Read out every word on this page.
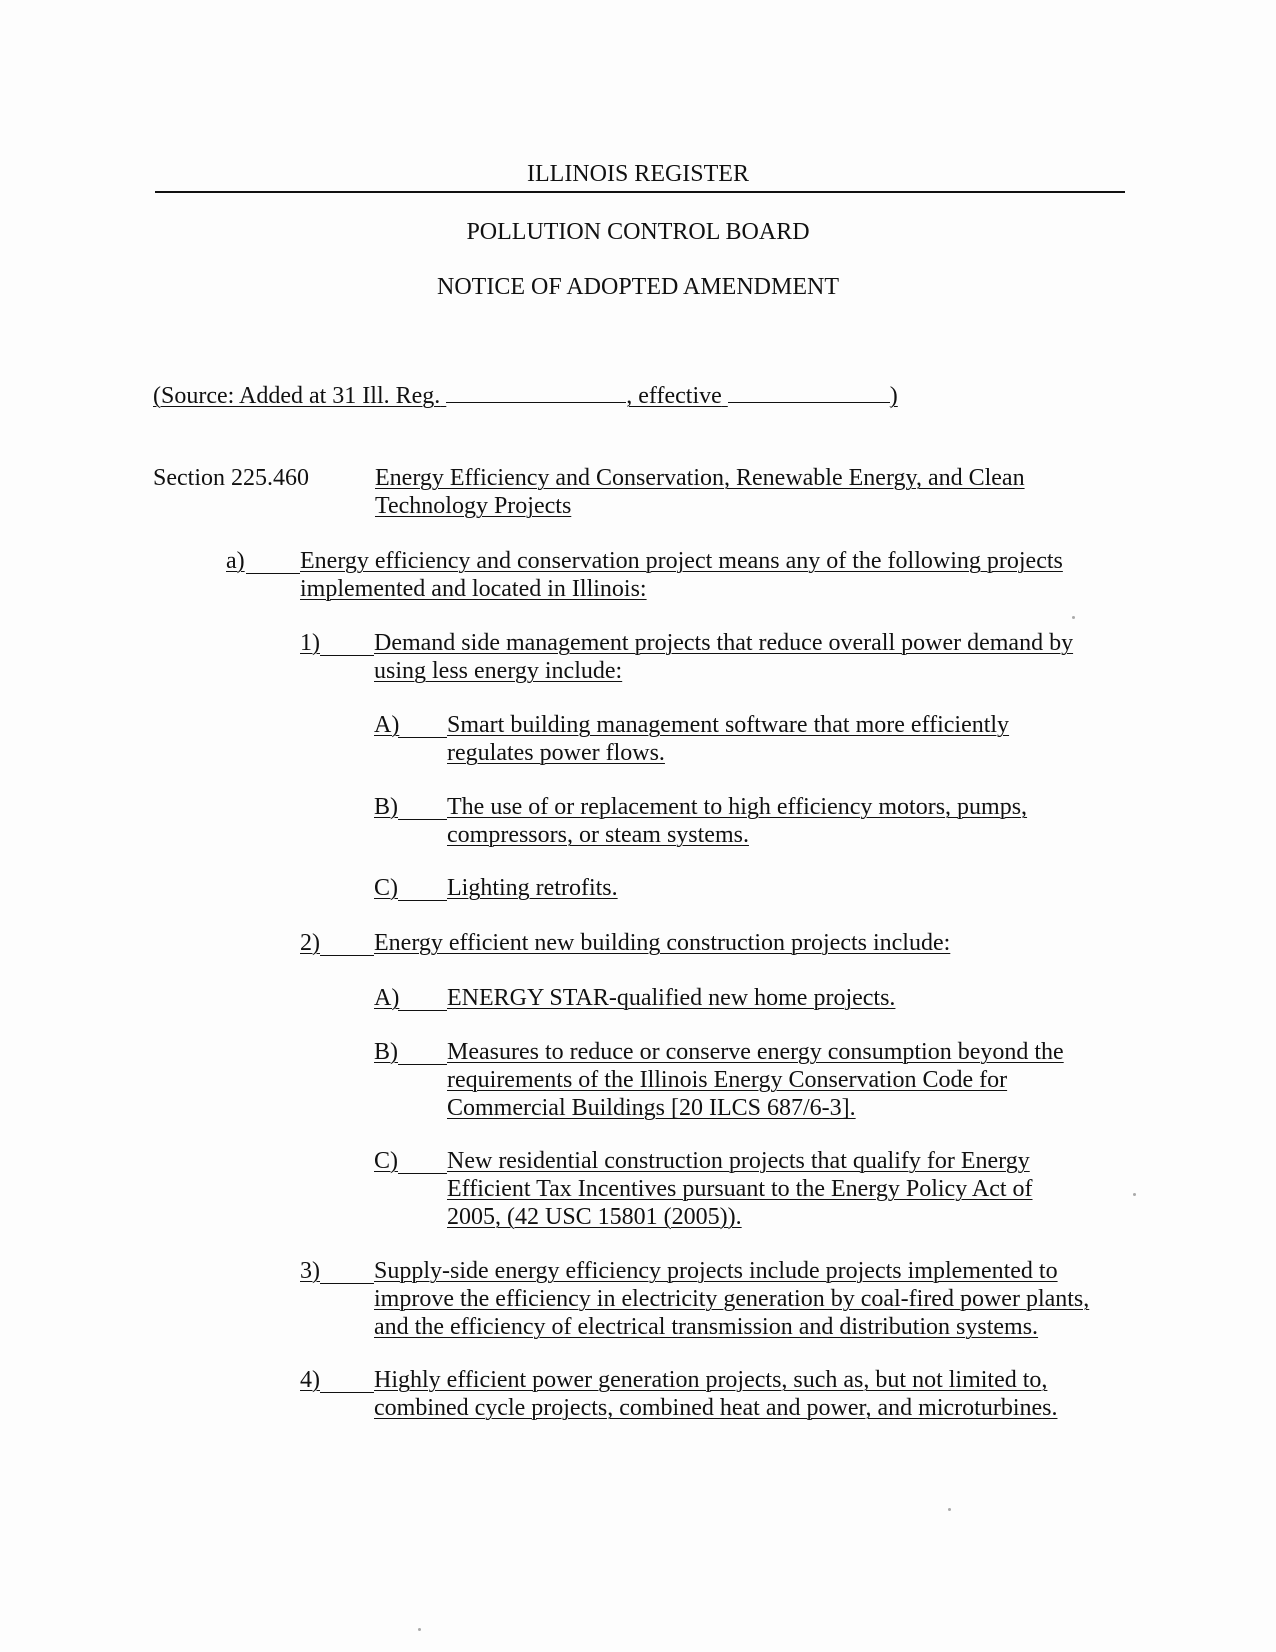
ILLINOIS REGISTER
POLLUTION CONTROL BOARD
NOTICE OF ADOPTED AMENDMENT
(Source: Added at 31 Ill. Reg.	, effective	)
Section 225.460	Energy Efficiency and Conservation, Renewable Energy, and Clean Technology Projects
a) Energy efficiency and conservation project means any of the following projects implemented and located in Illinois:
1) Demand side management projects that reduce overall power demand by using less energy include:
A) Smart building management software that more efficiently regulates power flows.
B) The use of or replacement to high efficiency motors, pumps, compressors, or steam systems.
C) Lighting retrofits.
2) Energy efficient new building construction projects include:
A) ENERGY STAR-qualified new home projects.
B) Measures to reduce or conserve energy consumption beyond the requirements of the Illinois Energy Conservation Code for Commercial Buildings [20 ILCS 687/6-3].
C) New residential construction projects that qualify for Energy Efficient Tax Incentives pursuant to the Energy Policy Act of 2005, (42 USC 15801 (2005)).
3) Supply-side energy efficiency projects include projects implemented to improve the efficiency in electricity generation by coal-fired power plants, and the efficiency of electrical transmission and distribution systems.
4) Highly efficient power generation projects, such as, but not limited to, combined cycle projects, combined heat and power, and microturbines.
